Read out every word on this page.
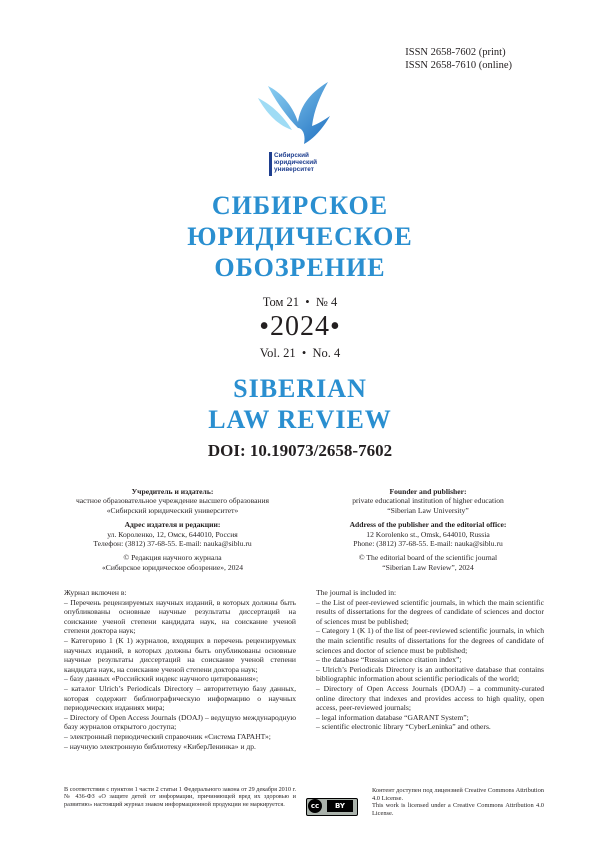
ISSN 2658-7602 (print)
ISSN 2658-7610 (online)
Сибирский
юридический
университет
СИБИРСКОЕ
ЮРИДИЧЕСКОЕ
ОБОЗРЕНИЕ
Том 21  •  № 4
•2024•
Vol. 21  •  No. 4
SIBERIAN
LAW REVIEW
DOI: 10.19073/2658-7602
Учредитель и издатель:
частное образовательное учреждение высшего образования
«Сибирский юридический университет»
Адрес издателя и редакции:
ул. Короленко, 12, Омск, 644010, Россия
Телефон: (3812) 37-68-55. E-mail: nauka@siblu.ru
© Редакция научного журнала
«Сибирское юридическое обозрение», 2024
Founder and publisher:
private educational institution of higher education
“Siberian Law University”
Address of the publisher and the editorial office:
12 Korolenko st., Omsk, 644010, Russia
Phone: (3812) 37-68-55. E-mail: nauka@siblu.ru
© The editorial board of the scientific journal
“Siberian Law Review”, 2024

Журнал включен в:

– Перечень рецензируемых научных изданий, в которых должны быть опубликованы основные научные результаты диссертаций на соискание ученой степени кандидата наук, на соискание ученой степени доктора наук;

– Категорию 1 (К 1) журналов, входящих в перечень рецензируемых научных изданий, в которых должны быть опубликованы основные научные результаты диссертаций на соискание ученой степени кандидата наук, на соискание ученой степени доктора наук;

– базу данных «Российский индекс научного цитирования»;

– каталог Ulrich’s Periodicals Directory – авторитетную базу данных, которая содержит библиографическую информацию о научных периодических изданиях мира;

– Directory of Open Access Journals (DOAJ) – ведущую международную базу журналов открытого доступа;

– электронный периодический справочник «Система ГАРАНТ»;

– научную электронную библиотеку «КиберЛенинка» и др.

The journal is included in:

– the List of peer-reviewed scientific journals, in which the main scientific results of dissertations for the degrees of candidate of sciences and doctor of sciences must be published;

– Category 1 (K 1) of the list of peer-reviewed scientific journals, in which the main scientific results of dissertations for the degrees of candidate of sciences and doctor of science must be published;

– the database “Russian science citation index”;

– Ulrich’s Periodicals Directory is an authoritative database that contains bibliographic information about scientific periodicals of the world;

– Directory of Open Access Journals (DOAJ) – a community-curated online directory that indexes and provides access to high quality, open access, peer-reviewed journals;

– legal information database “GARANT System”;

– scientific electronic library “CyberLeninka” and others.

В соответствии с пунктом 1 части 2 статьи 1 Федерального закона от 29 декабря 2010 г. № 436-ФЗ «О защите детей от информации, причиняющей вред их здоровью и развитию» настоящий журнал знаком информационной продукции не маркируется.	cc	BY
Контент доступен под лицензией Creative Commons Attribution 4.0 License.
This work is licensed under a Creative Commons Attribution 4.0 License.
